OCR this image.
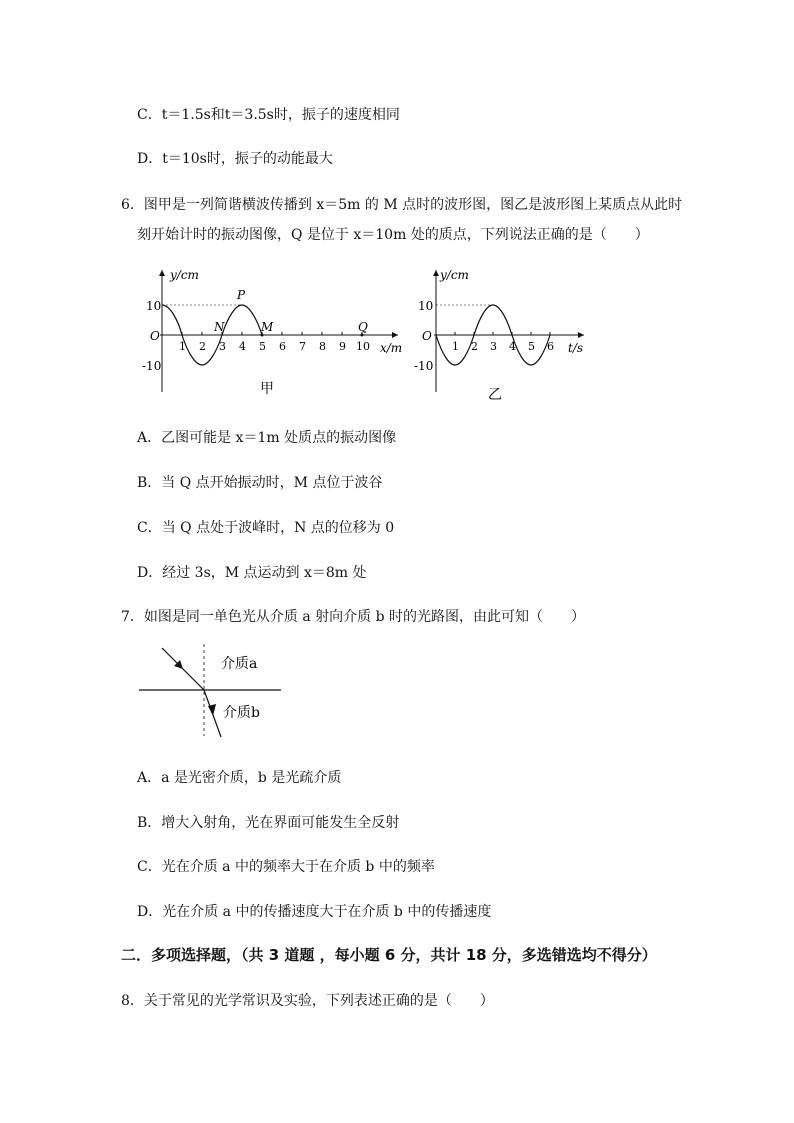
C．t＝1.5s和t＝3.5s时，振子的速度相同
D．t＝10s时，振子的动能最大
6．图甲是一列简谐横波传播到 x＝5m 的 M 点时的波形图，图乙是波形图上某质点从此时
刻开始计时的振动图像，Q 是位于 x＝10m 处的质点，下列说法正确的是（　　）
y/cm
O
10
-10
x/m
1 2 3 4 5 6 7 8 9 10
P
N	M	Q
甲
y/cm
O
10
-10
t/s
1 2 3 4 5 6
乙
A．乙图可能是 x＝1m 处质点的振动图像
B．当 Q 点开始振动时，M 点位于波谷
C．当 Q 点处于波峰时，N 点的位移为 0
D．经过 3s，M 点运动到 x＝8m 处
7．如图是同一单色光从介质 a 射向介质 b 时的光路图，由此可知（　　）
介质a
介质b
A．a 是光密介质，b 是光疏介质
B．增大入射角，光在界面可能发生全反射
C．光在介质 a 中的频率大于在介质 b 中的频率
D．光在介质 a 中的传播速度大于在介质 b 中的传播速度
二．多项选择题，（共 3 道题 ，每小题 6 分，共计 18 分，多选错选均不得分）
8．关于常见的光学常识及实验，下列表述正确的是（　　）
